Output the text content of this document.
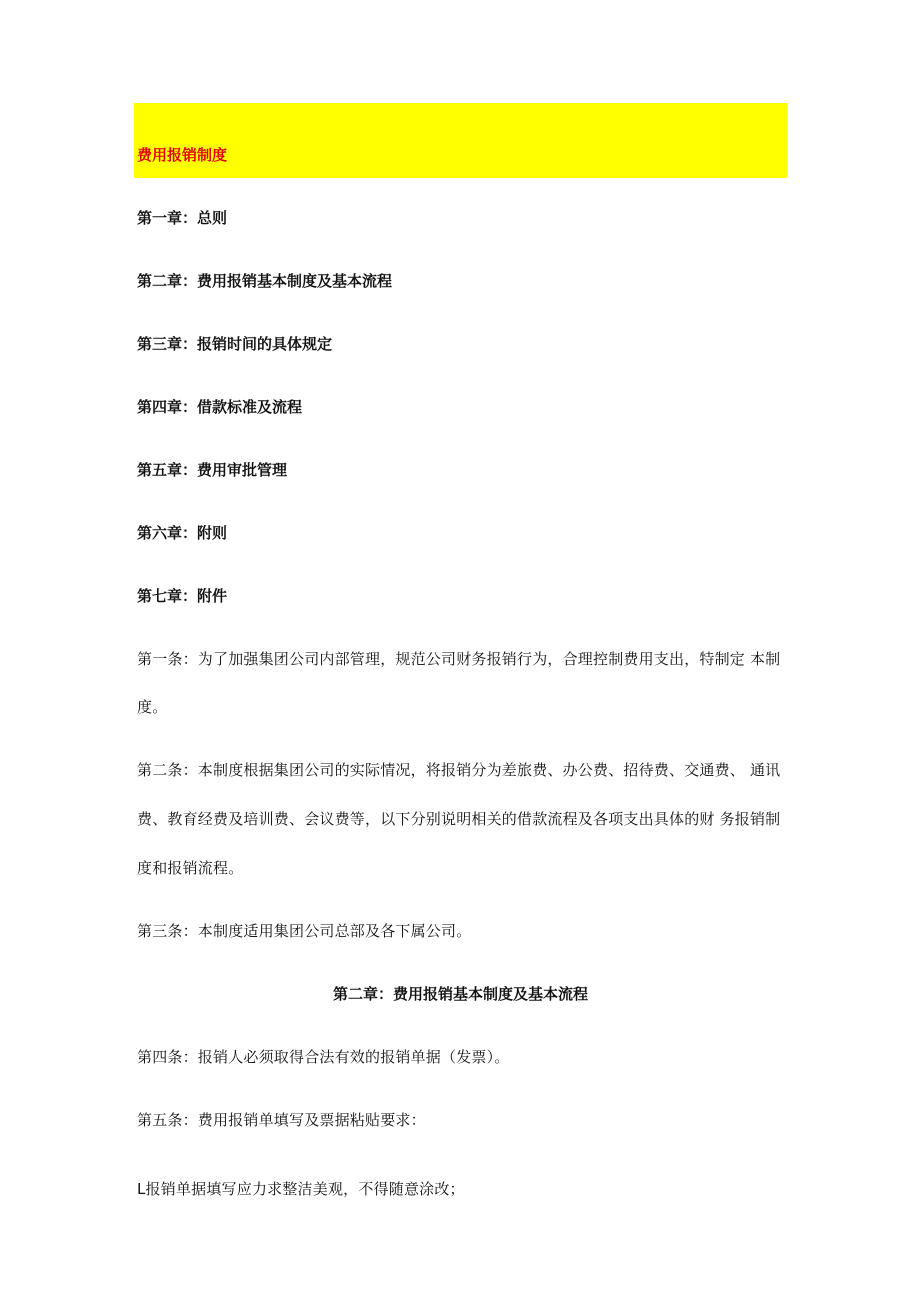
费用报销制度
第一章：总则
第二章：费用报销基本制度及基本流程
第三章：报销时间的具体规定
第四章：借款标准及流程
第五章：费用审批管理
第六章：附则
第七章：附件
第一条：为了加强集团公司内部管理，规范公司财务报销行为，合理控制费用支出，特制定 本制
度。
第二条：本制度根据集团公司的实际情况，将报销分为差旅费、办公费、招待费、交通费、 通讯
费、教育经费及培训费、会议费等，以下分别说明相关的借款流程及各项支出具体的财 务报销制
度和报销流程。
第三条：本制度适用集团公司总部及各下属公司。
第二章：费用报销基本制度及基本流程
第四条：报销人必须取得合法有效的报销单据（发票）。
第五条：费用报销单填写及票据粘贴要求：
L报销单据填写应力求整洁美观，不得随意涂改；
